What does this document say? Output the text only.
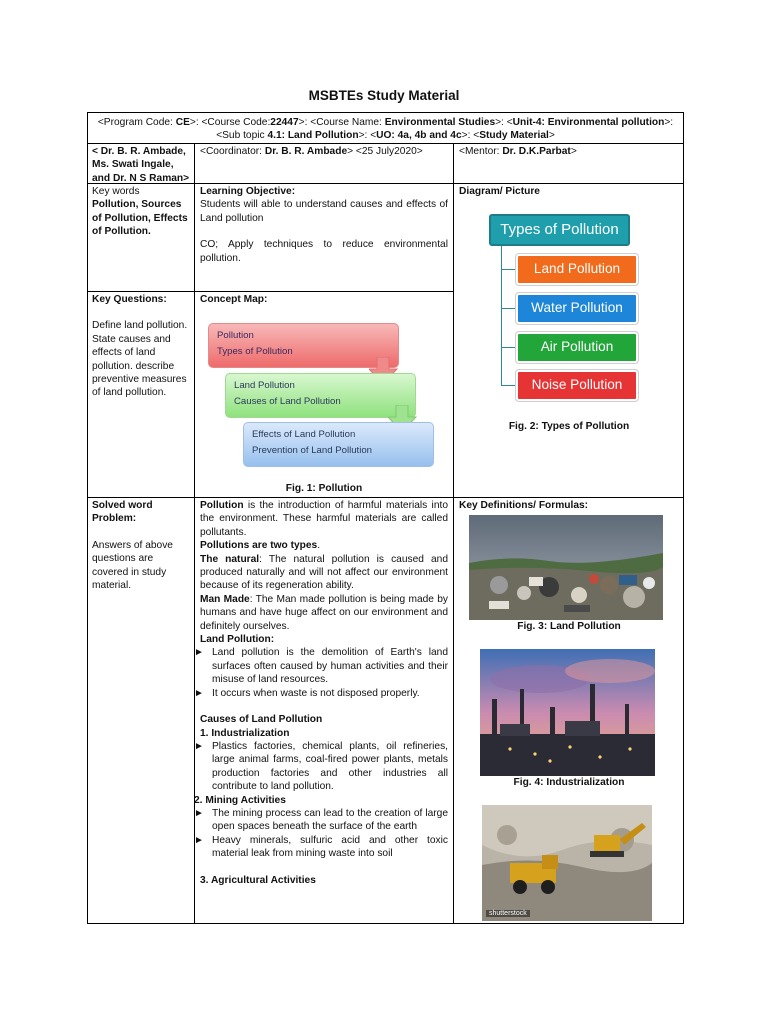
MSBTEs Study Material
<Program Code: CE>: <Course Code:22447>: <Course Name: Environmental Studies>: <Unit-4: Environmental pollution>:
<Sub topic 4.1: Land Pollution>: <UO: 4a, 4b and 4c>: <Study Material>
< Dr. B. R. Ambade, Ms. Swati Ingale, and Dr. N S Raman>
<Coordinator: Dr. B. R. Ambade> <25 July2020>	<Mentor: Dr. D.K.Parbat>
Key words
Pollution, Sources of Pollution, Effects of Pollution.
Learning Objective:

Students will able to understand causes and effects of Land pollution

CO; Apply techniques to reduce environmental pollution.

Diagram/ Picture
Types of Pollution
Land Pollution
Water Pollution
Air Pollution
Noise Pollution
Fig. 2: Types of Pollution
Key Questions:

Define land pollution. State causes and effects of land pollution. describe preventive measures of land pollution.

Concept Map:
Pollution
Types of Pollution
Land Pollution
Causes of Land Pollution
Effects of Land Pollution
Prevention of Land Pollution
Fig. 1: Pollution
Solved word Problem:

Answers of above questions are covered in study material.

Pollution is the introduction of harmful materials into the environment. These harmful materials are called pollutants.

Pollutions are two types.

The natural: The natural pollution is caused and produced naturally and will not affect our environment because of its regeneration ability.

Man Made: The Man made pollution is being made by humans and have huge affect on our environment and definitely ourselves.

Land Pollution:
► Land pollution is the demolition of Earth's land surfaces often caused by human activities and their misuse of land resources.
► It occurs when waste is not disposed properly.
Causes of Land Pollution
1. Industrialization
► Plastics factories, chemical plants, oil refineries, large animal farms, coal-fired power plants, metals production factories and other industries all contribute to land pollution.
2. Mining Activities
► The mining process can lead to the creation of large open spaces beneath the surface of the earth
► Heavy minerals, sulfuric acid and other toxic material leak from mining waste into soil
3. Agricultural Activities
Key Definitions/ Formulas:
Fig. 3: Land Pollution
Fig. 4: Industrialization
shutterstock
